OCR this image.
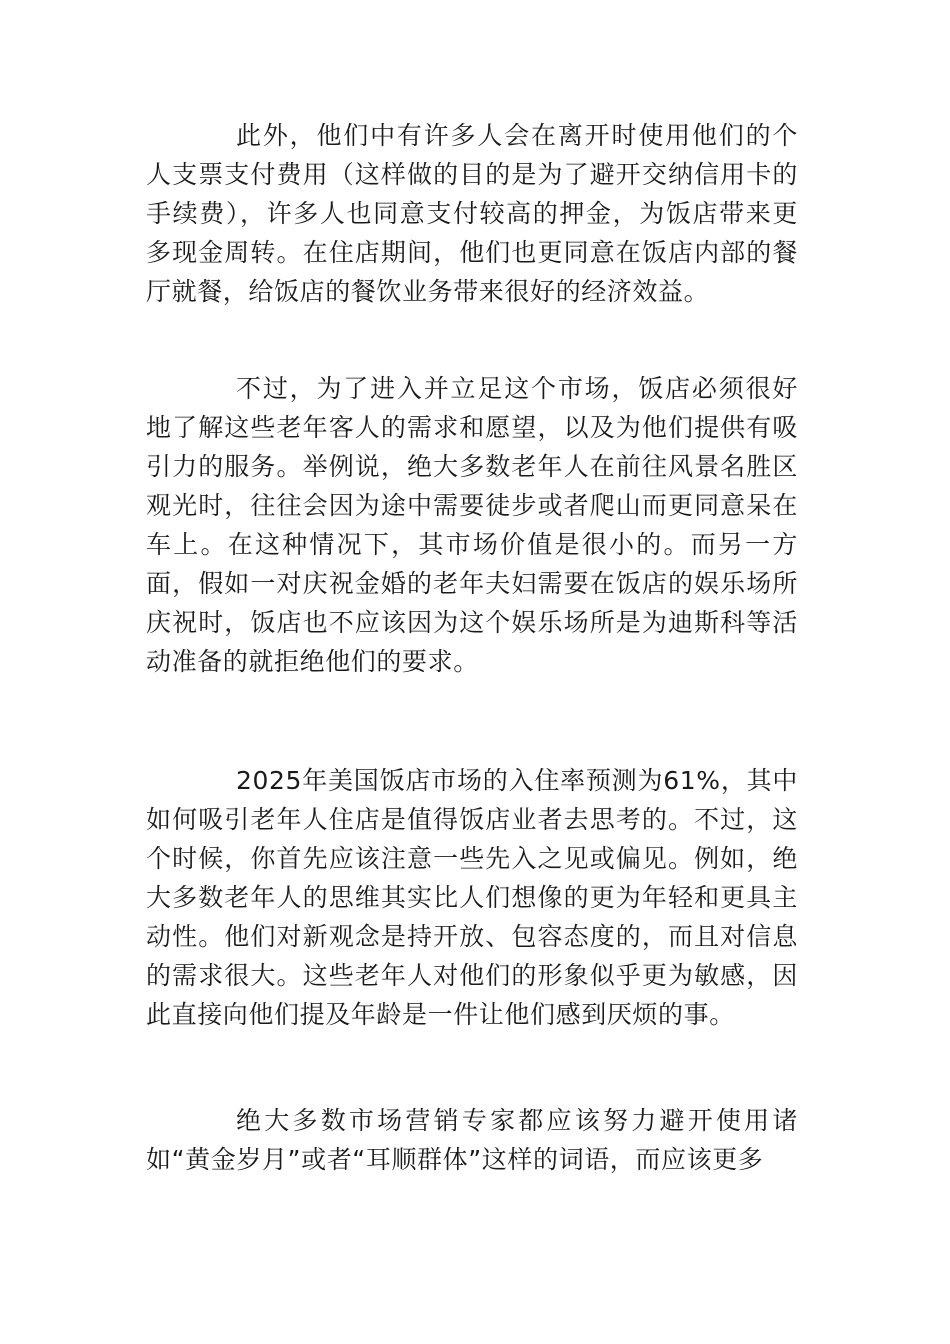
此外，他们中有许多人会在离开时使用他们的个人支票支付费用（这样做的目的是为了避开交纳信用卡的手续费），许多人也同意支付较高的押金，为饭店带来更多现金周转。在住店期间，他们也更同意在饭店内部的餐厅就餐，给饭店的餐饮业务带来很好的经济效益。

不过，为了进入并立足这个市场，饭店必须很好地了解这些老年客人的需求和愿望，以及为他们提供有吸引力的服务。举例说，绝大多数老年人在前往风景名胜区观光时，往往会因为途中需要徒步或者爬山而更同意呆在车上。在这种情况下，其市场价值是很小的。而另一方面，假如一对庆祝金婚的老年夫妇需要在饭店的娱乐场所庆祝时，饭店也不应该因为这个娱乐场所是为迪斯科等活动准备的就拒绝他们的要求。

2025年美国饭店市场的入住率预测为61%，其中如何吸引老年人住店是值得饭店业者去思考的。不过，这个时候，你首先应该注意一些先入之见或偏见。例如，绝大多数老年人的思维其实比人们想像的更为年轻和更具主动性。他们对新观念是持开放、包容态度的，而且对信息的需求很大。这些老年人对他们的形象似乎更为敏感，因此直接向他们提及年龄是一件让他们感到厌烦的事。

绝大多数市场营销专家都应该努力避开使用诸如“黄金岁月”或者“耳顺群体”这样的词语，而应该更多
